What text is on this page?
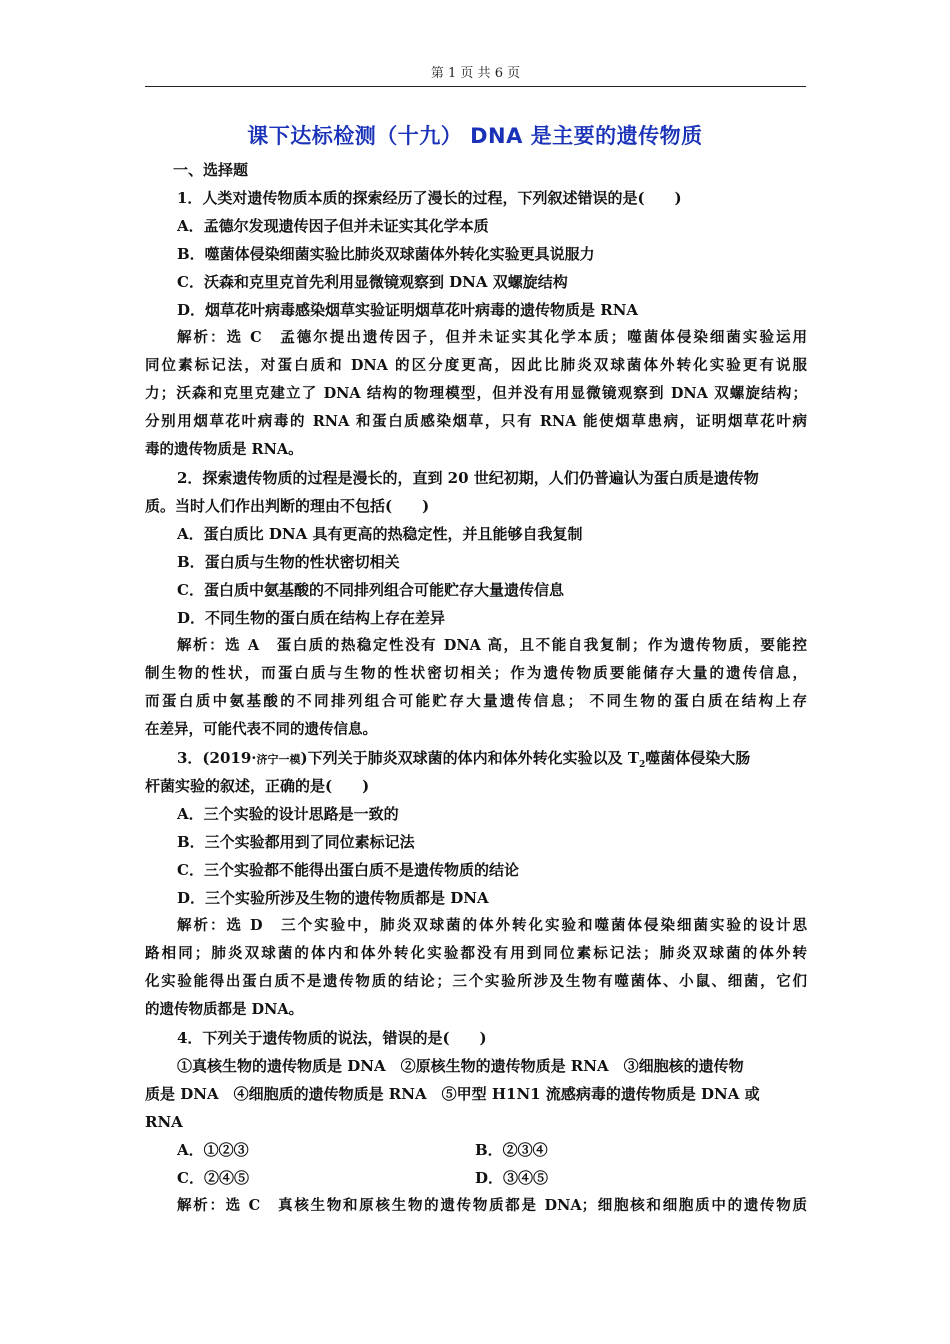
第 1 页 共 6 页
课下达标检测（十九） DNA 是主要的遗传物质
一、选择题
1．人类对遗传物质本质的探索经历了漫长的过程，下列叙述错误的是(　　)
A．孟德尔发现遗传因子但并未证实其化学本质
B．噬菌体侵染细菌实验比肺炎双球菌体外转化实验更具说服力
C．沃森和克里克首先利用显微镜观察到 DNA 双螺旋结构
D．烟草花叶病毒感染烟草实验证明烟草花叶病毒的遗传物质是 RNA
解析：选 C　孟德尔提出遗传因子，但并未证实其化学本质；噬菌体侵染细菌实验运用
同位素标记法，对蛋白质和 DNA 的区分度更高，因此比肺炎双球菌体外转化实验更有说服
力；沃森和克里克建立了 DNA 结构的物理模型，但并没有用显微镜观察到 DNA 双螺旋结构；
分别用烟草花叶病毒的 RNA 和蛋白质感染烟草，只有 RNA 能使烟草患病，证明烟草花叶病
毒的遗传物质是 RNA。
2．探索遗传物质的过程是漫长的，直到 20 世纪初期，人们仍普遍认为蛋白质是遗传物
质。当时人们作出判断的理由不包括(　　)
A．蛋白质比 DNA 具有更高的热稳定性，并且能够自我复制
B．蛋白质与生物的性状密切相关
C．蛋白质中氨基酸的不同排列组合可能贮存大量遗传信息
D．不同生物的蛋白质在结构上存在差异
解析：选 A　蛋白质的热稳定性没有 DNA 高，且不能自我复制；作为遗传物质，要能控
制生物的性状，而蛋白质与生物的性状密切相关；作为遗传物质要能储存大量的遗传信息，
而蛋白质中氨基酸的不同排列组合可能贮存大量遗传信息； 不同生物的蛋白质在结构上存
在差异，可能代表不同的遗传信息。
3．(2019·济宁一模)下列关于肺炎双球菌的体内和体外转化实验以及 $T_2$噬菌体侵染大肠
杆菌实验的叙述，正确的是(　　)
A．三个实验的设计思路是一致的
B．三个实验都用到了同位素标记法
C．三个实验都不能得出蛋白质不是遗传物质的结论
D．三个实验所涉及生物的遗传物质都是 DNA
解析：选 D　三个实验中，肺炎双球菌的体外转化实验和噬菌体侵染细菌实验的设计思
路相同；肺炎双球菌的体内和体外转化实验都没有用到同位素标记法；肺炎双球菌的体外转
化实验能得出蛋白质不是遗传物质的结论；三个实验所涉及生物有噬菌体、小鼠、细菌，它们
的遗传物质都是 DNA。
4．下列关于遗传物质的说法，错误的是(　　)
①真核生物的遗传物质是 DNA　②原核生物的遗传物质是 RNA　③细胞核的遗传物
质是 DNA　④细胞质的遗传物质是 RNA　⑤甲型 H1N1 流感病毒的遗传物质是 DNA 或
RNA
A．①②③	B．②③④
C．②④⑤	D．③④⑤
解析：选 C　真核生物和原核生物的遗传物质都是 DNA；细胞核和细胞质中的遗传物质
